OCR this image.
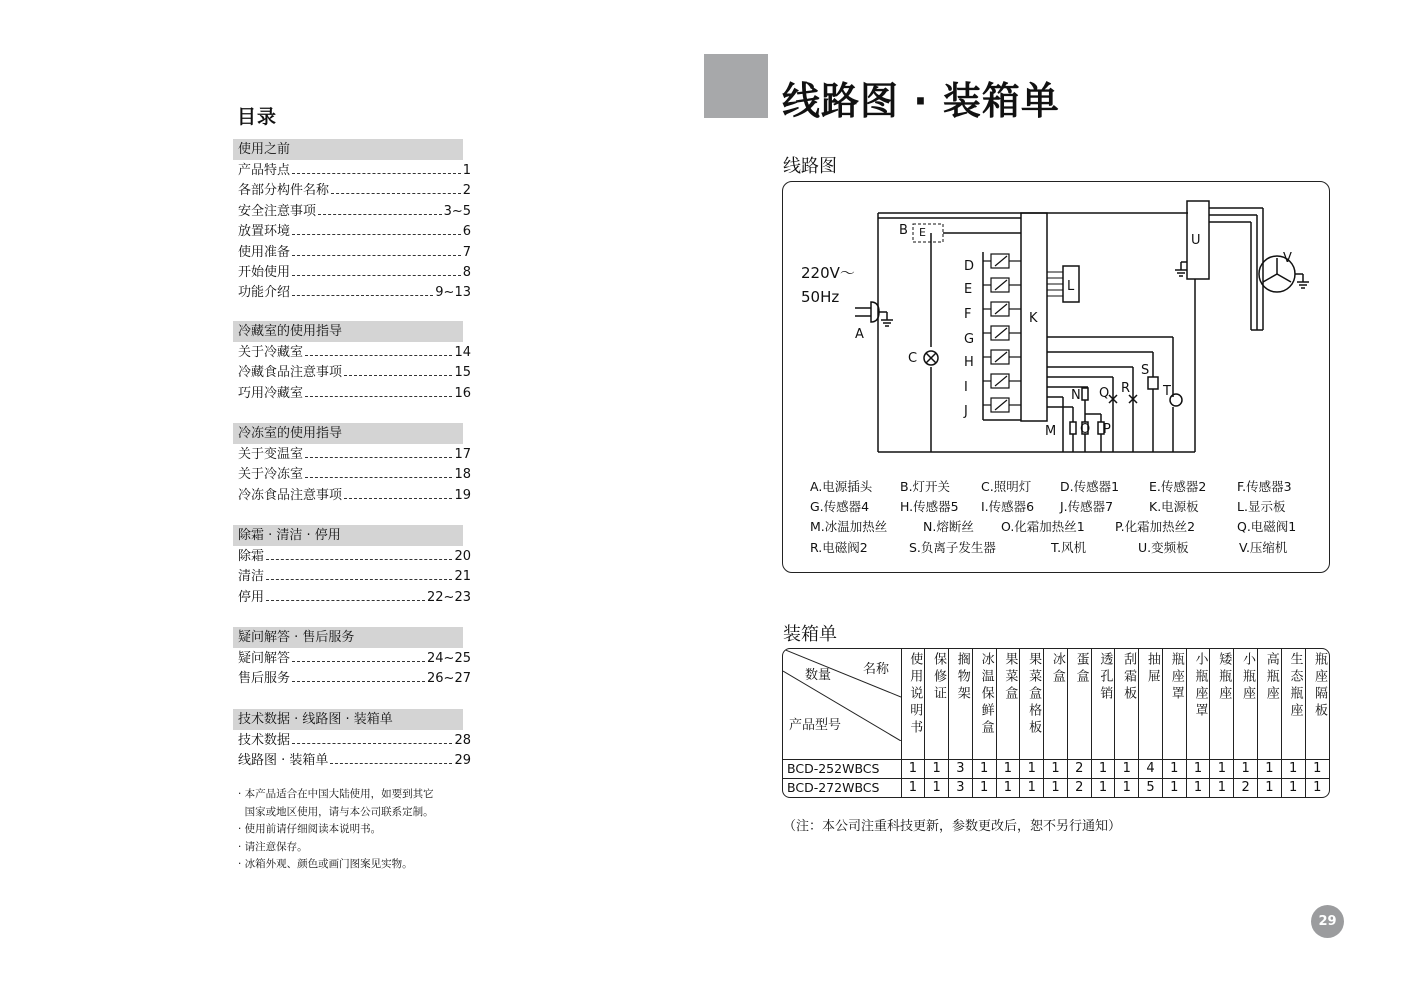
目录
使用之前
产品特点	1
各部分构件名称	2
安全注意事项	3~5
放置环境	6
使用准备	7
开始使用	8
功能介绍	9~13
冷藏室的使用指导
关于冷藏室	14
冷藏食品注意事项	15
巧用冷藏室	16
冷冻室的使用指导
关于变温室	17
关于冷冻室	18
冷冻食品注意事项	19
除霜 · 清洁 · 停用
除霜	20
清洁	21
停用	22~23
疑问解答 · 售后服务
疑问解答	24~25
售后服务	26~27
技术数据 · 线路图 · 装箱单
技术数据	28
线路图 · 装箱单	29
· 本产品适合在中国大陆使用，如要到其它
国家或地区使用，请与本公司联系定制。
· 使用前请仔细阅读本说明书。
· 请注意保存。
· 冰箱外观、颜色或画门图案见实物。
线路图 · 装箱单
线路图
A
B
C
D
E
F
G
H
I
J
K
L
M
N
O P
Q R
S
T
U
V
220V～
50Hz
E
A.电源插头 B.灯开关 C.照明灯 D.传感器1 E.传感器2 F.传感器3
G.传感器4 H.传感器5 I.传感器6 J.传感器7	K.电源板	L.显示板
M.冰温加热丝	N.熔断丝 O.化霜加热丝1 P.化霜加热丝2	Q.电磁阀1
R.电磁阀2	S.负离子发生器	T.风机	U.变频板	V.压缩机
装箱单
名称
数量
产品型号	使用说明书	保修证	搁物架	冰温保鲜盒	果菜盒	果菜盒格板	冰盒	蛋盒	透孔销	刮霜板	抽屉	瓶座罩	小瓶座罩	矮瓶座	小瓶座	高瓶座	生态瓶座	瓶座隔板
BCD-252WBCS	1	1	3	1	1	1	1	2	1	1	4	1	1	1	1	1	1	1
BCD-272WBCS	1	1	3	1	1	1	1	2	1	1	5	1	1	1	2	1	1	1
（注：本公司注重科技更新，参数更改后，恕不另行通知）
29
